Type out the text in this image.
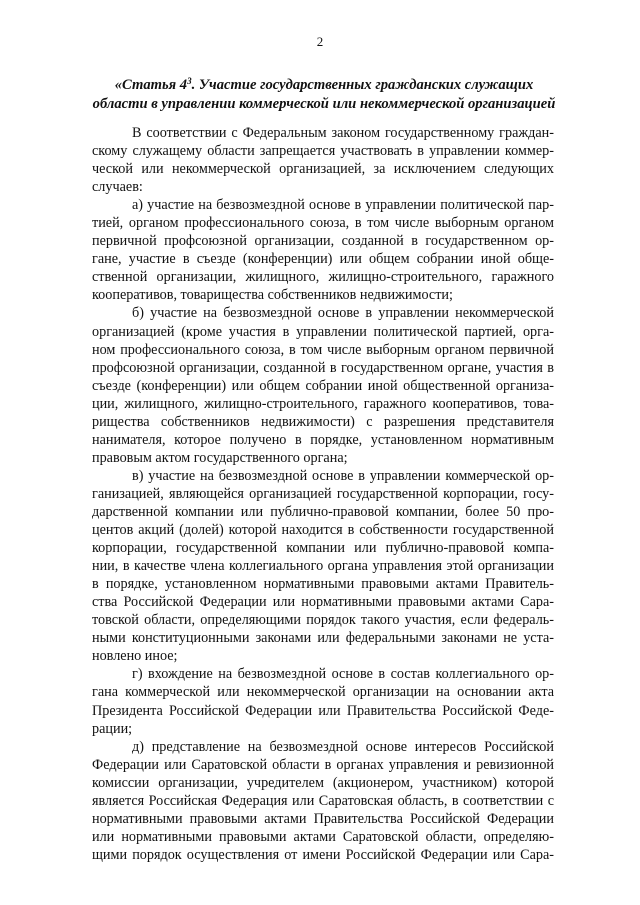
2
«Статья $4^3$. Участие государственных гражданских служащих
области в управлении коммерческой или некоммерческой организацией
В соответствии с Федеральным законом государственному граждан-
скому служащему области запрещается участвовать в управлении коммер-
ческой или некоммерческой организацией, за исключением следующих
случаев:
а) участие на безвозмездной основе в управлении политической пар-
тией, органом профессионального союза, в том числе выборным органом
первичной профсоюзной организации, созданной в государственном ор-
гане, участие в съезде (конференции) или общем собрании иной обще-
ственной организации, жилищного, жилищно-строительного, гаражного
кооперативов, товарищества собственников недвижимости;
б) участие на безвозмездной основе в управлении некоммерческой
организацией (кроме участия в управлении политической партией, орга-
ном профессионального союза, в том числе выборным органом первичной
профсоюзной организации, созданной в государственном органе, участия в
съезде (конференции) или общем собрании иной общественной организа-
ции, жилищного, жилищно-строительного, гаражного кооперативов, това-
рищества собственников недвижимости) с разрешения представителя
нанимателя, которое получено в порядке, установленном нормативным
правовым актом государственного органа;
в) участие на безвозмездной основе в управлении коммерческой ор-
ганизацией, являющейся организацией государственной корпорации, госу-
дарственной компании или публично-правовой компании, более 50 про-
центов акций (долей) которой находится в собственности государственной
корпорации, государственной компании или публично-правовой компа-
нии, в качестве члена коллегиального органа управления этой организации
в порядке, установленном нормативными правовыми актами Правитель-
ства Российской Федерации или нормативными правовыми актами Сара-
товской области, определяющими порядок такого участия, если федераль-
ными конституционными законами или федеральными законами не уста-
новлено иное;
г) вхождение на безвозмездной основе в состав коллегиального ор-
гана коммерческой или некоммерческой организации на основании акта
Президента Российской Федерации или Правительства Российской Феде-
рации;
д) представление на безвозмездной основе интересов Российской
Федерации или Саратовской области в органах управления и ревизионной
комиссии организации, учредителем (акционером, участником) которой
является Российская Федерация или Саратовская область, в соответствии с
нормативными правовыми актами Правительства Российской Федерации
или нормативными правовыми актами Саратовской области, определяю-
щими порядок осуществления от имени Российской Федерации или Сара-
